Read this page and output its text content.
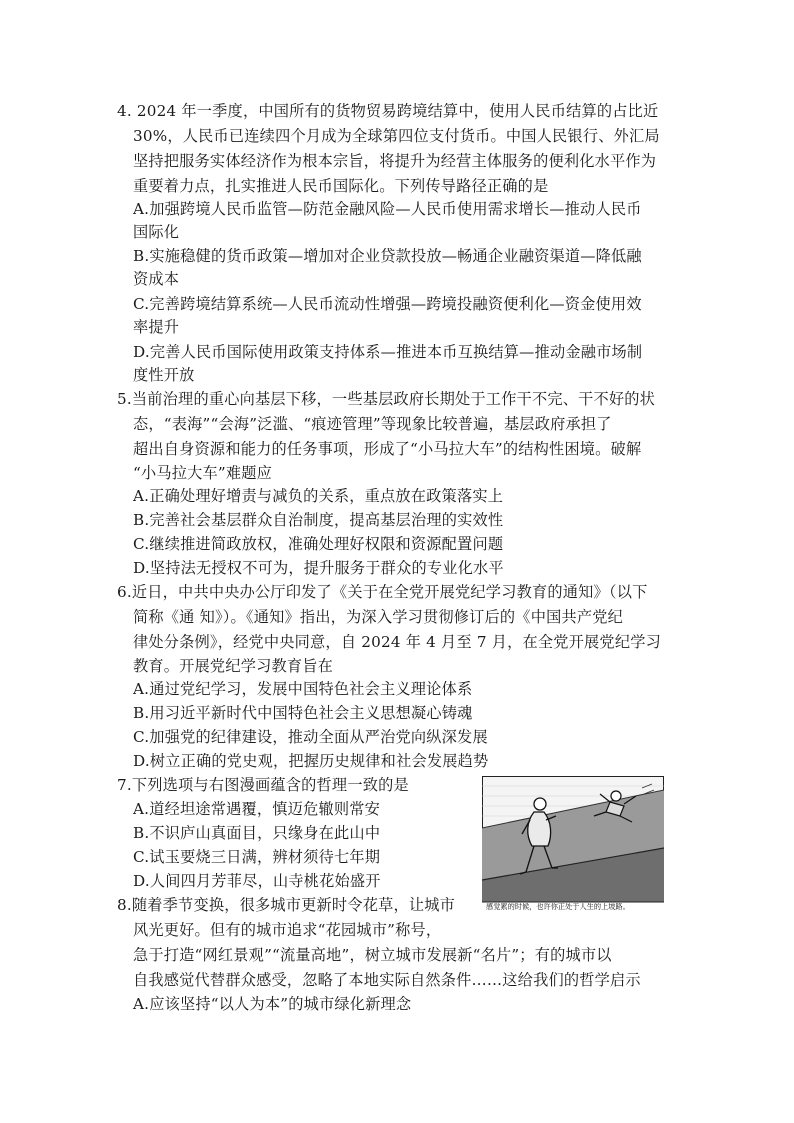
4. 2024 年一季度，中国所有的货物贸易跨境结算中，使用人民币结算的占比近
30%，人民币已连续四个月成为全球第四位支付货币。中国人民银行、外汇局
坚持把服务实体经济作为根本宗旨，将提升为经营主体服务的便利化水平作为
重要着力点，扎实推进人民币国际化。下列传导路径正确的是
A.加强跨境人民币监管—防范金融风险—人民币使用需求增长—推动人民币
国际化
B.实施稳健的货币政策—增加对企业贷款投放—畅通企业融资渠道—降低融
资成本
C.完善跨境结算系统—人民币流动性增强—跨境投融资便利化—资金使用效
率提升
D.完善人民币国际使用政策支持体系—推进本币互换结算—推动金融市场制
度性开放
5.当前治理的重心向基层下移，一些基层政府长期处于工作干不完、干不好的状
态，“表海”“会海”泛滥、“痕迹管理”等现象比较普遍，基层政府承担了
超出自身资源和能力的任务事项，形成了“小马拉大车”的结构性困境。破解
“小马拉大车”难题应
A.正确处理好增责与减负的关系，重点放在政策落实上
B.完善社会基层群众自治制度，提高基层治理的实效性
C.继续推进简政放权，准确处理好权限和资源配置问题
D.坚持法无授权不可为，提升服务于群众的专业化水平
6.近日，中共中央办公厅印发了《关于在全党开展党纪学习教育的通知》（以下
简称《通 知》）。《通知》指出，为深入学习贯彻修订后的《中国共产党纪
律处分条例》，经党中央同意，自 2024 年 4 月至 7 月，在全党开展党纪学习
教育。开展党纪学习教育旨在
A.通过党纪学习，发展中国特色社会主义理论体系
B.用习近平新时代中国特色社会主义思想凝心铸魂
C.加强党的纪律建设，推动全面从严治党向纵深发展
D.树立正确的党史观，把握历史规律和社会发展趋势
7.下列选项与右图漫画蕴含的哲理一致的是
A.道经坦途常遇覆，慎迈危辙则常安
B.不识庐山真面目，只缘身在此山中
C.试玉要烧三日满，辨材须待七年期
D.人间四月芳菲尽，山寺桃花始盛开
感觉累的时候，也许你正处于人生的上坡路。
8.随着季节变换，很多城市更新时令花草，让城市
风光更好。但有的城市追求“花园城市”称号，
急于打造“网红景观”“流量高地”，树立城市发展新“名片”；有的城市以
自我感觉代替群众感受，忽略了本地实际自然条件……这给我们的哲学启示
A.应该坚持“以人为本”的城市绿化新理念
